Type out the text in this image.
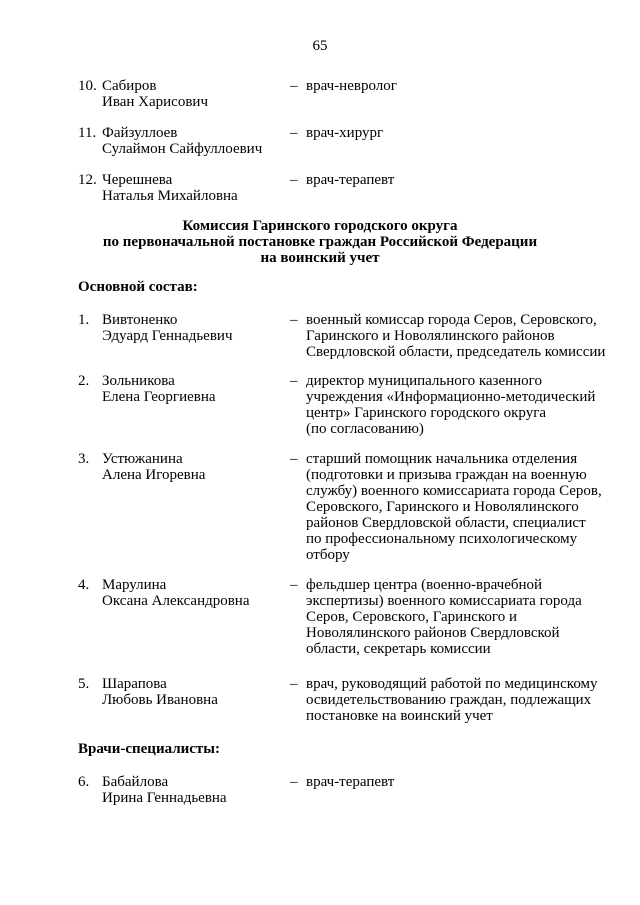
65
10. Сабиров
Иван Харисович
– врач-невролог
11. Файзуллоев
Сулаймон Сайфуллоевич
– врач-хирург
12. Черешнева
Наталья Михайловна
– врач-терапевт
Комиссия Гаринского городского округа
по первоначальной постановке граждан Российской Федерации
на воинский учет
Основной состав:
1. Вивтоненко
Эдуард Геннадьевич
– военный комиссар города Серов, Серовского,
Гаринского и Новолялинского районов
Свердловской области, председатель комиссии
2. Зольникова
Елена Георгиевна
– директор муниципального казенного
учреждения «Информационно-методический
центр» Гаринского городского округа
(по согласованию)
3. Устюжанина
Алена Игоревна
– старший помощник начальника отделения
(подготовки и призыва граждан на военную
службу) военного комиссариата города Серов,
Серовского, Гаринского и Новолялинского
районов Свердловской области, специалист
по профессиональному психологическому
отбору
4. Марулина
Оксана Александровна
– фельдшер центра (военно-врачебной
экспертизы) военного комиссариата города
Серов, Серовского, Гаринского и
Новолялинского районов Свердловской
области, секретарь комиссии
5. Шарапова
Любовь Ивановна
– врач, руководящий работой по медицинскому
освидетельствованию граждан, подлежащих
постановке на воинский учет
Врачи-специалисты:
6. Бабайлова
Ирина Геннадьевна
– врач-терапевт
